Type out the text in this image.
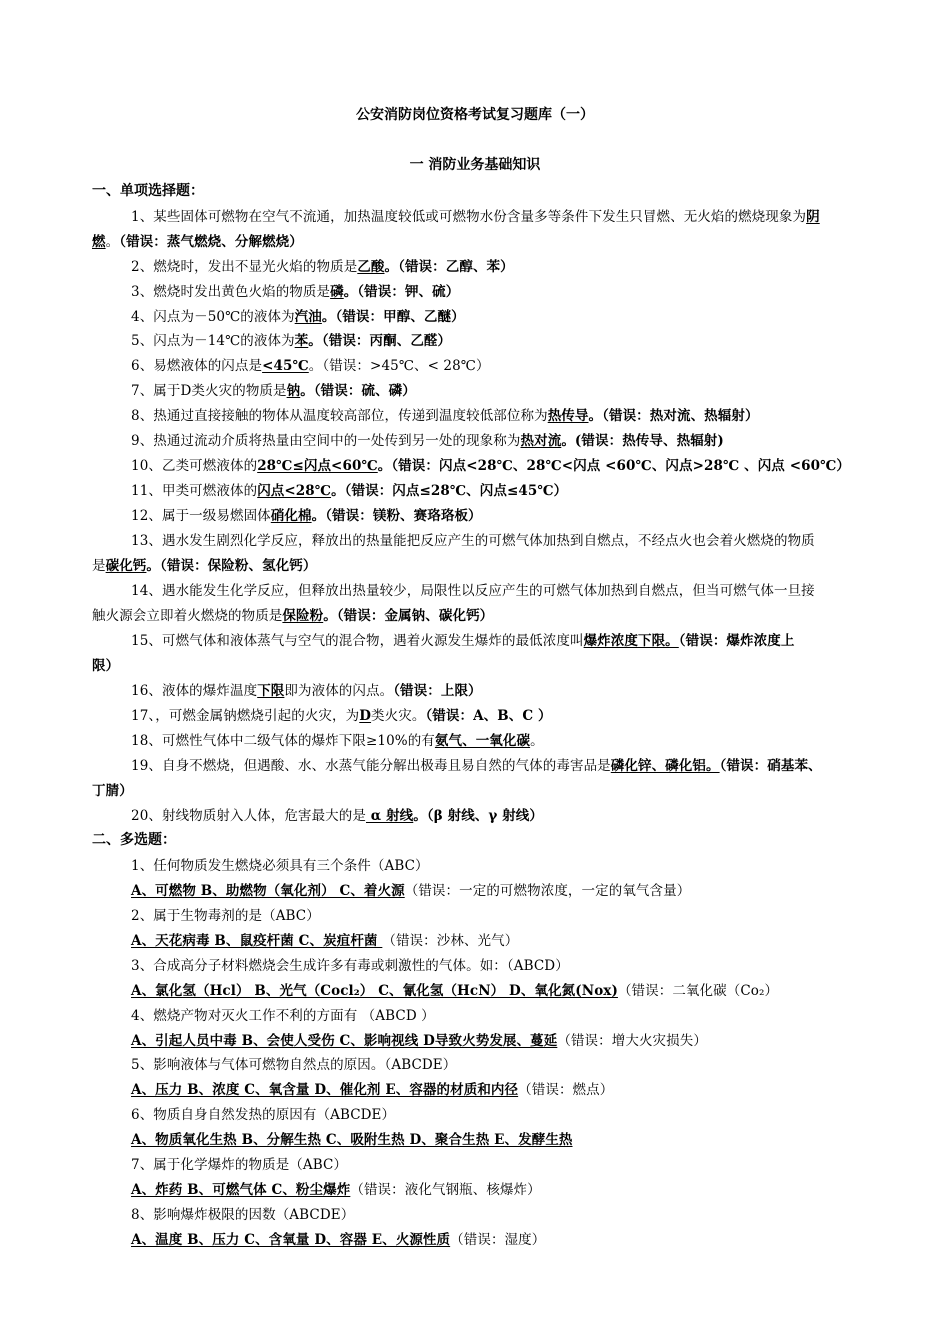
公安消防岗位资格考试复习题库（一）
一 消防业务基础知识
一、单项选择题：
1、某些固体可燃物在空气不流通，加热温度较低或可燃物水份含量多等条件下发生只冒燃、无火焰的燃烧现象为阴
燃。（错误：蒸气燃烧、分解燃烧）
2、燃烧时，发出不显光火焰的物质是乙酸。（错误：乙醇、苯）
3、燃烧时发出黄色火焰的物质是磷。（错误：钾、硫）
4、闪点为－50℃的液体为汽油。（错误：甲醇、乙醚）
5、闪点为－14℃的液体为苯。（错误：丙酮、乙醛）
6、易燃液体的闪点是<45℃。（错误：>45℃、< 28℃）
7、属于D类火灾的物质是钠。（错误：硫、磷）
8、热通过直接接触的物体从温度较高部位，传递到温度较低部位称为热传导。（错误：热对流、热辐射）
9、热通过流动介质将热量由空间中的一处传到另一处的现象称为热对流。(错误：热传导、热辐射)
10、乙类可燃液体的28℃≤闪点<60℃。（错误：闪点<28℃、28℃<闪点 <60℃、闪点>28℃ 、闪点 <60℃）
11、甲类可燃液体的闪点<28℃。（错误：闪点≤28℃、闪点≤45℃）
12、属于一级易燃固体硝化棉。（错误：镁粉、赛珞珞板）
13、遇水发生剧烈化学反应，释放出的热量能把反应产生的可燃气体加热到自燃点，不经点火也会着火燃烧的物质
是碳化钙。（错误：保险粉、氢化钙）
14、遇水能发生化学反应，但释放出热量较少，局限性以反应产生的可燃气体加热到自燃点，但当可燃气体一旦接
触火源会立即着火燃烧的物质是保险粉。（错误：金属钠、碳化钙）
15、可燃气体和液体蒸气与空气的混合物，遇着火源发生爆炸的最低浓度叫爆炸浓度下限。（错误：爆炸浓度上
限）
16、液体的爆炸温度下限即为液体的闪点。（错误：上限）
17、，可燃金属钠燃烧引起的火灾，为D类火灾。（错误：A、B、C ）
18、可燃性气体中二级气体的爆炸下限≥10%的有氨气、一氧化碳。
19、自身不燃烧，但遇酸、水、水蒸气能分解出极毒且易自然的气体的毒害品是磷化锌、磷化铝。（错误：硝基苯、
丁腈）
20、射线物质射入人体，危害最大的是 α 射线。（β 射线、γ 射线）
二、多选题：
1、任何物质发生燃烧必须具有三个条件（ABC）
A、可燃物 B、助燃物（氧化剂） C、着火源（错误：一定的可燃物浓度，一定的氧气含量）
2、属于生物毒剂的是（ABC）
A、天花病毒 B、鼠疫杆菌 C、炭疽杆菌 （错误：沙林、光气）
3、合成高分子材料燃烧会生成许多有毒或刺激性的气体。如：（ABCD）
A、氯化氢（Hcl） B、光气（Cocl₂） C、氰化氢（HcN） D、氧化氮(Nox)（错误：二氧化碳（Co₂）
4、燃烧产物对灭火工作不利的方面有 （ABCD ）
A、引起人员中毒 B、会使人受伤 C、影响视线 D导致火势发展、蔓延（错误：增大火灾损失）
5、影响液体与气体可燃物自然点的原因。（ABCDE）
A、压力 B、浓度 C、氧含量 D、催化剂 E、容器的材质和内径（错误：燃点）
6、物质自身自然发热的原因有（ABCDE）
A、物质氧化生热 B、分解生热 C、吸附生热 D、聚合生热 E、发酵生热
7、属于化学爆炸的物质是（ABC）
A、炸药 B、可燃气体 C、粉尘爆炸（错误：液化气钢瓶、核爆炸）
8、影响爆炸极限的因数（ABCDE）
A、温度 B、压力 C、含氧量 D、容器 E、火源性质（错误：湿度）
